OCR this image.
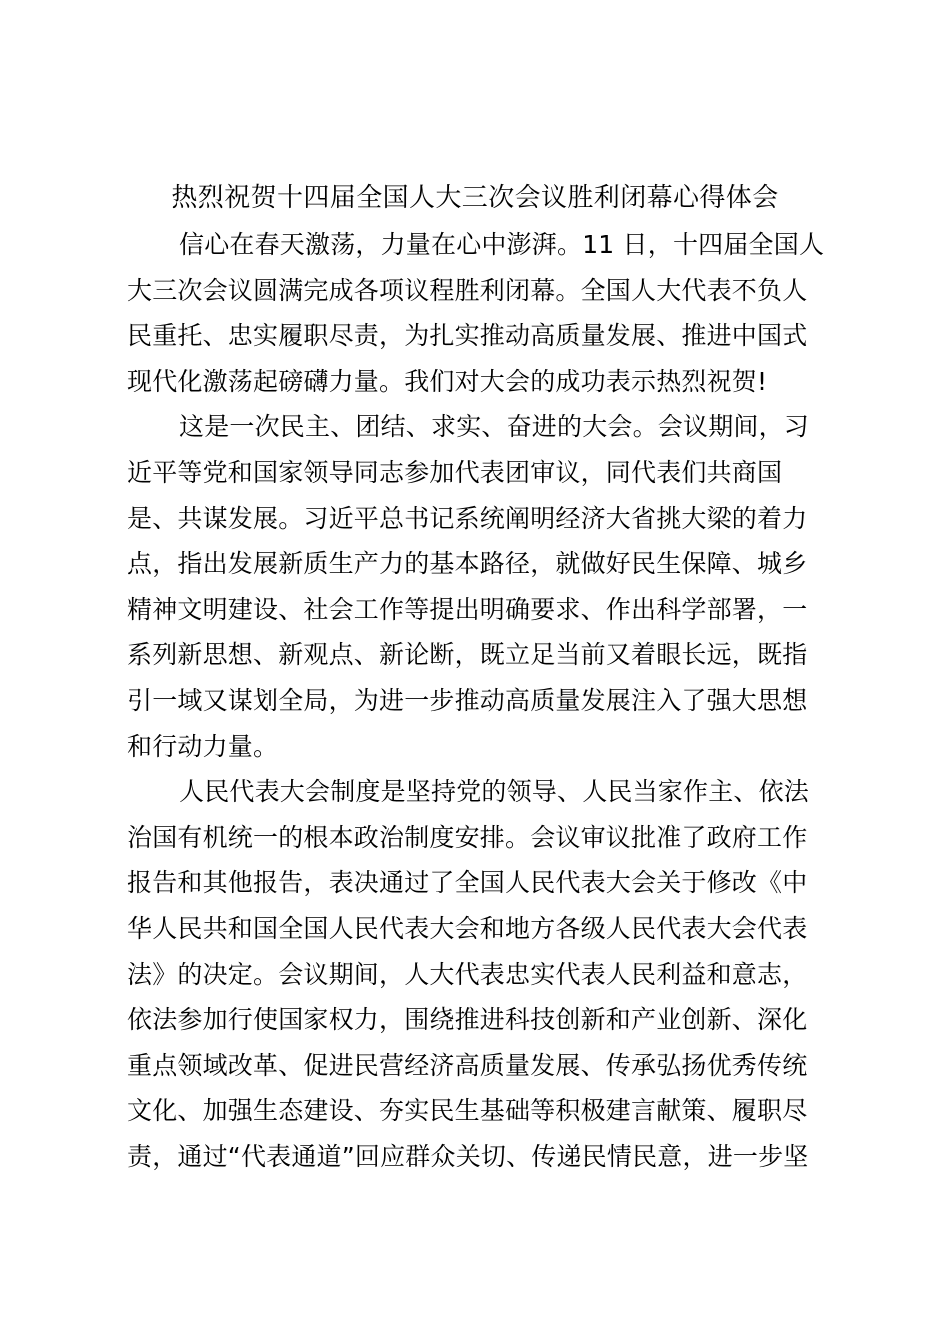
热烈祝贺十四届全国人大三次会议胜利闭幕心得体会
信心在春天激荡，力量在心中澎湃。11 日，十四届全国人
大三次会议圆满完成各项议程胜利闭幕。全国人大代表不负人
民重托、忠实履职尽责，为扎实推动高质量发展、推进中国式
现代化激荡起磅礴力量。我们对大会的成功表示热烈祝贺!
这是一次民主、团结、求实、奋进的大会。会议期间，习
近平等党和国家领导同志参加代表团审议，同代表们共商国
是、共谋发展。习近平总书记系统阐明经济大省挑大梁的着力
点，指出发展新质生产力的基本路径，就做好民生保障、城乡
精神文明建设、社会工作等提出明确要求、作出科学部署，一
系列新思想、新观点、新论断，既立足当前又着眼长远，既指
引一域又谋划全局，为进一步推动高质量发展注入了强大思想
和行动力量。
人民代表大会制度是坚持党的领导、人民当家作主、依法
治国有机统一的根本政治制度安排。会议审议批准了政府工作
报告和其他报告，表决通过了全国人民代表大会关于修改《中
华人民共和国全国人民代表大会和地方各级人民代表大会代表
法》的决定。会议期间，人大代表忠实代表人民利益和意志，
依法参加行使国家权力，围绕推进科技创新和产业创新、深化
重点领域改革、促进民营经济高质量发展、传承弘扬优秀传统
文化、加强生态建设、夯实民生基础等积极建言献策、履职尽
责，通过“代表通道”回应群众关切、传递民情民意，进一步坚
